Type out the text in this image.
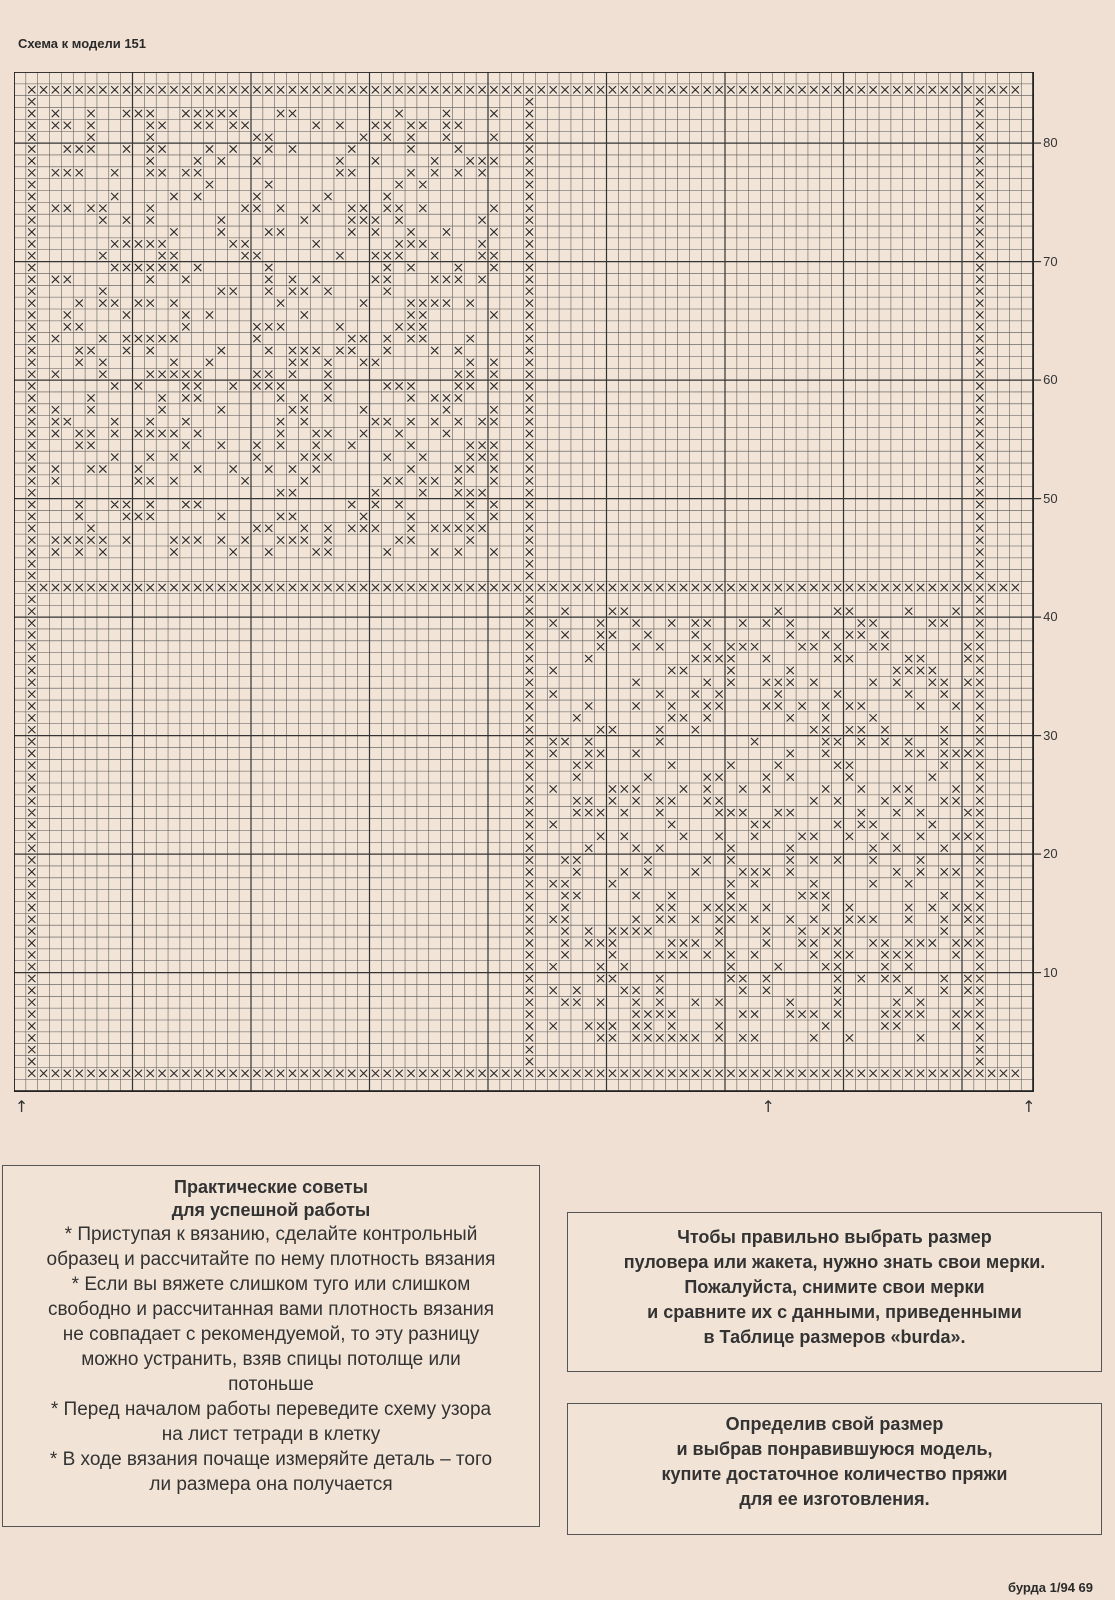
Схема к модели 151
80
70
60
50
40
30
20
10
↑	↑	↑
Практические советы
для успешной работы

* Приступая к вязанию, сделайте контрольный

образец и рассчитайте по нему плотность вязания

* Если вы вяжете слишком туго или слишком

свободно и рассчитанная вами плотность вязания

не совпадает с рекомендуемой, то эту разницу

можно устранить, взяв спицы потолще или

потоньше

* Перед началом работы переведите схему узора

на лист тетради в клетку

* В ходе вязания почаще измеряйте деталь – того

ли размера она получается

Чтобы правильно выбрать размер

пуловера или жакета, нужно знать свои мерки.

Пожалуйста, снимите свои мерки

и сравните их с данными, приведенными

в Таблице размеров «burda».

Определив свой размер

и выбрав понравившуюся модель,

купите достаточное количество пряжи

для ее изготовления.

бурда 1/94 69
